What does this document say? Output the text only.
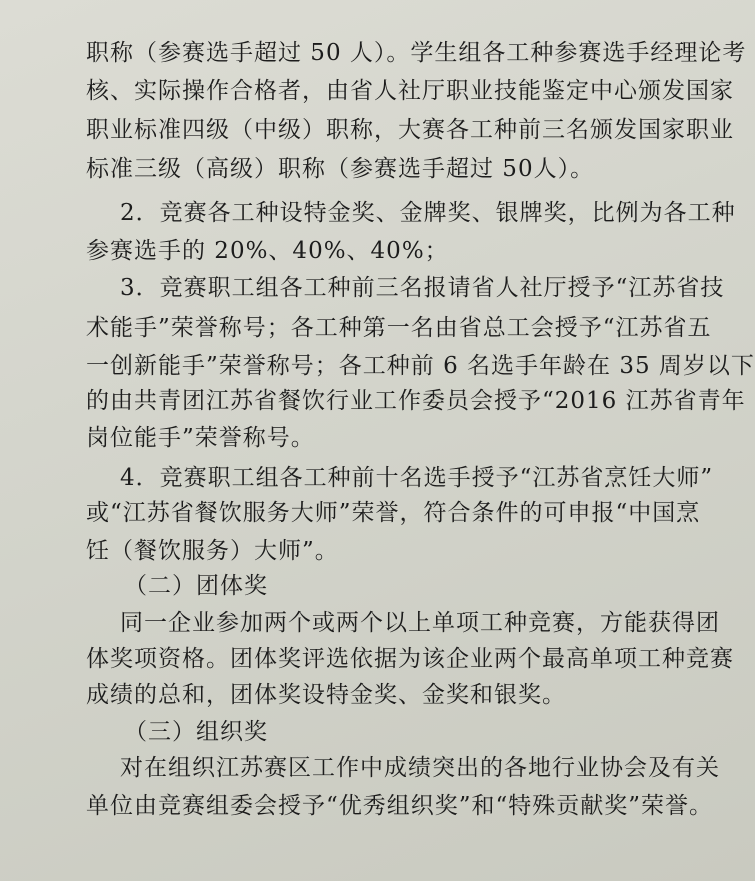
职称（参赛选手超过 50 人）。学生组各工种参赛选手经理论考
核、实际操作合格者，由省人社厅职业技能鉴定中心颁发国家
职业标准四级（中级）职称，大赛各工种前三名颁发国家职业
标准三级（高级）职称（参赛选手超过 50人）。
2．竞赛各工种设特金奖、金牌奖、银牌奖，比例为各工种
参赛选手的 20%、40%、40%；
3．竞赛职工组各工种前三名报请省人社厅授予“江苏省技
术能手”荣誉称号；各工种第一名由省总工会授予“江苏省五
一创新能手”荣誉称号；各工种前 6 名选手年龄在 35 周岁以下
的由共青团江苏省餐饮行业工作委员会授予“2016 江苏省青年
岗位能手”荣誉称号。
4．竞赛职工组各工种前十名选手授予“江苏省烹饪大师”
或“江苏省餐饮服务大师”荣誉，符合条件的可申报“中国烹
饪（餐饮服务）大师”。
（二）团体奖
同一企业参加两个或两个以上单项工种竞赛，方能获得团
体奖项资格。团体奖评选依据为该企业两个最高单项工种竞赛
成绩的总和，团体奖设特金奖、金奖和银奖。
（三）组织奖
对在组织江苏赛区工作中成绩突出的各地行业协会及有关
单位由竞赛组委会授予“优秀组织奖”和“特殊贡献奖”荣誉。
